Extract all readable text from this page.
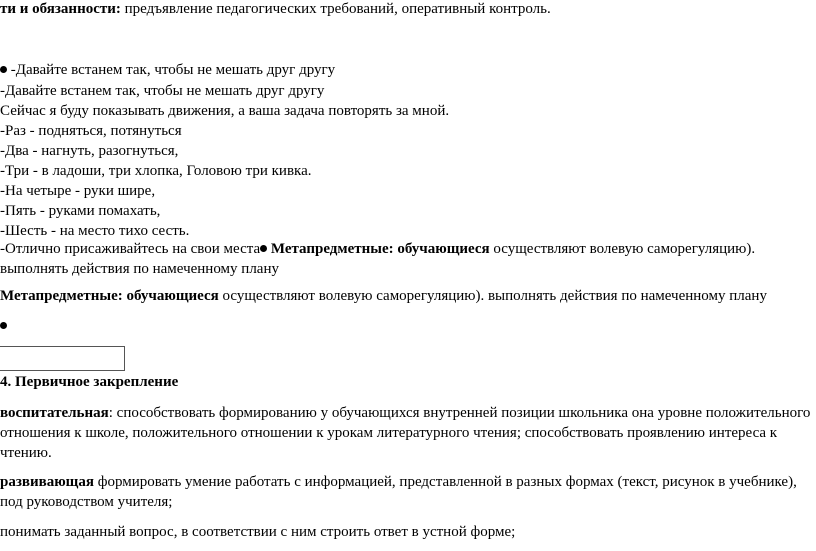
ти и обязанности: предъявление педагогических требований, оперативный контроль.
-Давайте встанем так, чтобы не мешать друг другу
-Давайте встанем так, чтобы не мешать друг другу
Сейчас я буду показывать движения, а ваша задача повторять за мной.
-Раз - подняться, потянуться
-Два - нагнуть, разогнуться,
-Три - в ладоши, три хлопка, Головою три кивка.
-На четыре - руки шире,
-Пять - руками помахать,
-Шесть - на место тихо сесть.
-Отлично присаживайтесь на свои места Метапредметные: обучающиеся осуществляют волевую саморегуляцию).
выполнять действия по намеченному плану
Метапредметные: обучающиеся осуществляют волевую саморегуляцию). выполнять действия по намеченному плану
4. Первичное закрепление
воспитательная: способствовать формированию у обучающихся внутренней позиции школьника она уровне положительного
отношения к школе, положительного отношении к урокам литературного чтения; способствовать проявлению интереса к
чтению.
развивающая формировать умение работать с информацией, представленной в разных формах (текст, рисунок в учебнике),
под руководством учителя;
понимать заданный вопрос, в соответствии с ним строить ответ в устной форме;
